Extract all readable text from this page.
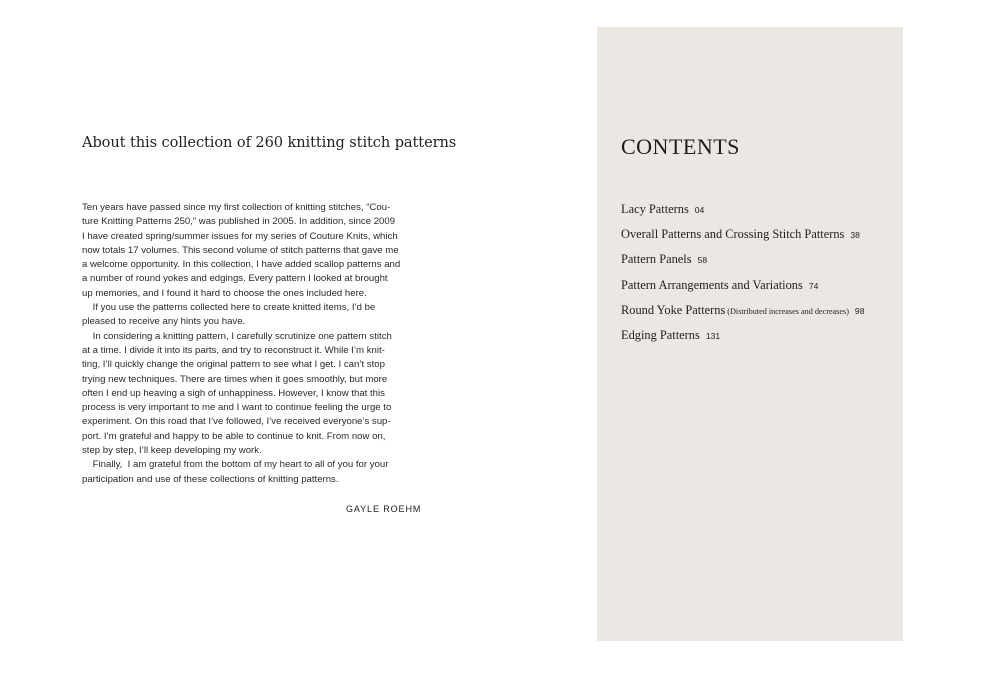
About this collection of 260 knitting stitch patterns
Ten years have passed since my first collection of knitting stitches, “Cou-
ture Knitting Patterns 250,” was published in 2005. In addition, since 2009
I have created spring/summer issues for my series of Couture Knits, which
now totals 17 volumes. This second volume of stitch patterns that gave me
a welcome opportunity. In this collection, I have added scallop patterns and
a number of round yokes and edgings. Every pattern I looked at brought
up memories, and I found it hard to choose the ones included here.
If you use the patterns collected here to create knitted items, I’d be
pleased to receive any hints you have.
In considering a knitting pattern, I carefully scrutinize one pattern stitch
at a time. I divide it into its parts, and try to reconstruct it. While I’m knit-
ting, I’ll quickly change the original pattern to see what I get. I can’t stop
trying new techniques. There are times when it goes smoothly, but more
often I end up heaving a sigh of unhappiness. However, I know that this
process is very important to me and I want to continue feeling the urge to
experiment. On this road that I’ve followed, I’ve received everyone’s sup-
port. I’m grateful and happy to be able to continue to knit. From now on,
step by step, I’ll keep developing my work.
Finally,  I am grateful from the bottom of my heart to all of you for your
participation and use of these collections of knitting patterns.
GAYLE ROEHM
CONTENTS
Lacy Patterns 04
Overall Patterns and Crossing Stitch Patterns 38
Pattern Panels 58
Pattern Arrangements and Variations 74
Round Yoke Patterns (Distributed increases and decreases) 98
Edging Patterns 131
